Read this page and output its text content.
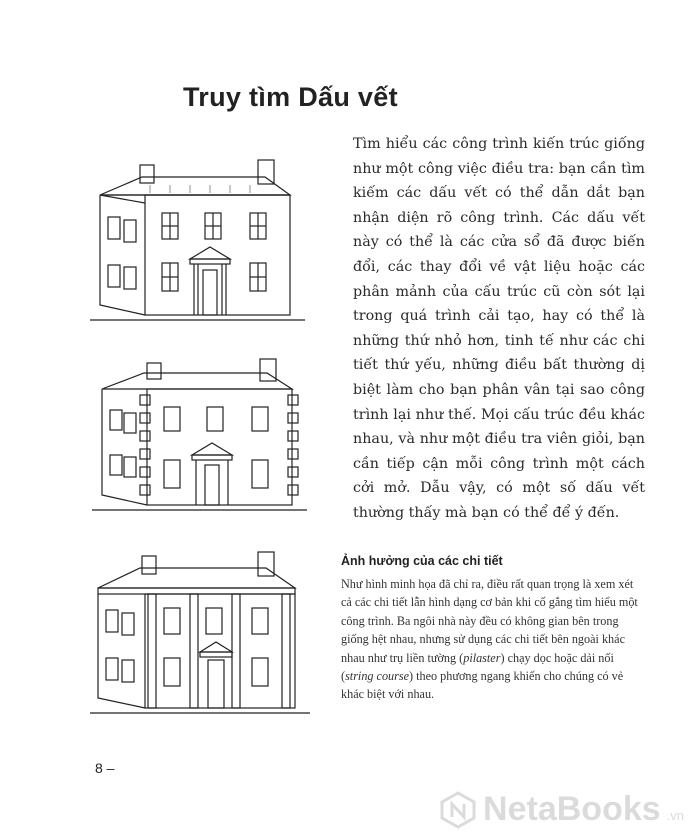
Truy tìm Dấu vết
Tìm hiểu các công trình kiến trúc giống như một công việc điều tra: bạn cần tìm kiếm các dấu vết có thể dẫn dắt bạn nhận diện rõ công trình. Các dấu vết này có thể là các cửa sổ đã được biến đổi, các thay đổi về vật liệu hoặc các phân mảnh của cấu trúc cũ còn sót lại trong quá trình cải tạo, hay có thể là những thứ nhỏ hơn, tinh tế như các chi tiết thứ yếu, những điều bất thường dị biệt làm cho bạn phân vân tại sao công trình lại như thế. Mọi cấu trúc đều khác nhau, và như một điều tra viên giỏi, bạn cần tiếp cận mỗi công trình một cách cởi mở. Dẫu vậy, có một số dấu vết thường thấy mà bạn có thể để ý đến.
Ảnh hưởng của các chi tiết
Như hình minh họa đã chỉ ra, điều rất quan trọng là xem xét cả các chi tiết lẫn hình dạng cơ bản khi cố gắng tìm hiểu một công trình. Ba ngôi nhà này đều có không gian bên trong giống hệt nhau, nhưng sử dụng các chi tiết bên ngoài khác nhau như trụ liền tường (pilaster) chạy dọc hoặc dải nối (string course) theo phương ngang khiến cho chúng có vẻ khác biệt với nhau.
8 –
NetaBooks .vn
